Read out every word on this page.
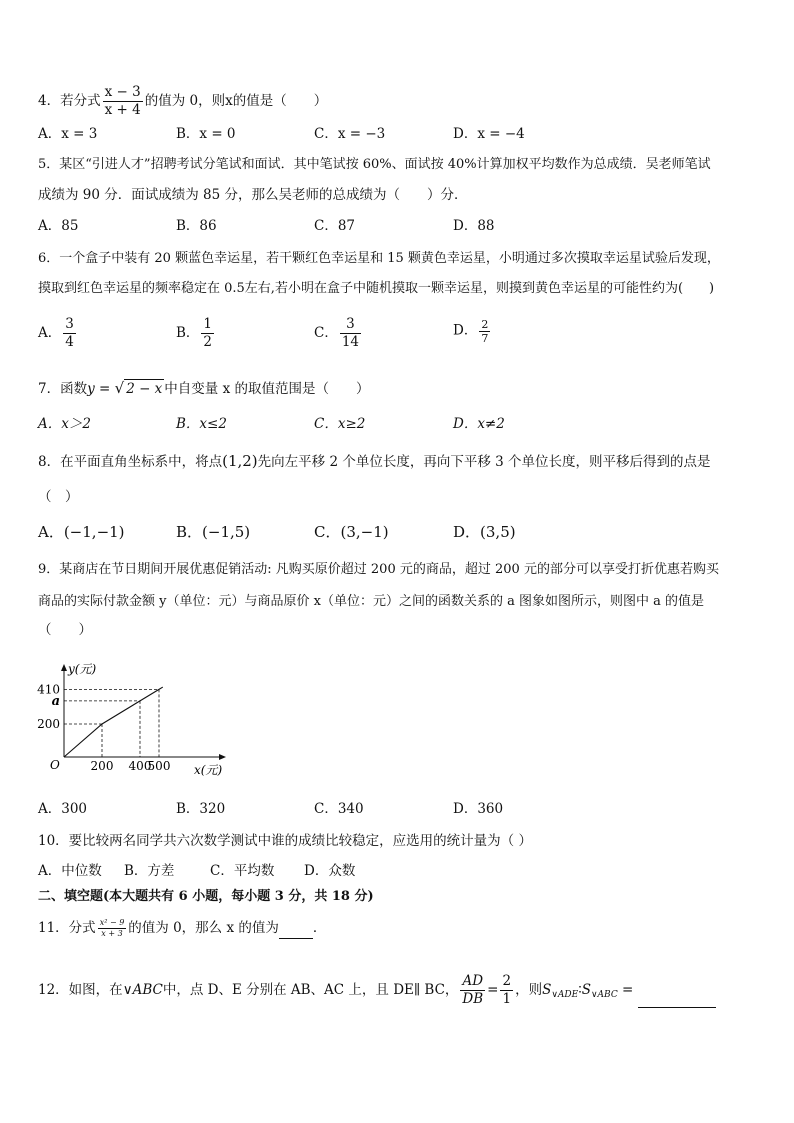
4．若分式 $\frac{x - 3}{x + 4}$ 的值为 0，则x的值是（　　）
A．x = 3	B．x = 0	C．x = −3	D．x = −4
5．某区“引进人才”招聘考试分笔试和面试．其中笔试按 60%、面试按 40%计算加权平均数作为总成绩．吴老师笔试
成绩为 90 分．面试成绩为 85 分，那么吴老师的总成绩为（　　）分．
A．85	B．86	C．87	D．88
6．一个盒子中装有 20 颗蓝色幸运星，若干颗红色幸运星和 15 颗黄色幸运星，小明通过多次摸取幸运星试验后发现，
摸取到红色幸运星的频率稳定在 0.5左右,若小明在盒子中随机摸取一颗幸运星，则摸到黄色幸运星的可能性约为(　　)
A． $\frac{3}{4}$	B． $\frac{1}{2}$	C． $\frac{3}{14}$	D． $\frac{2}{7}$
7．函数y = √ 2 − x 中自变量 x 的取值范围是（　　）
A．x＞2	B．x≤2	C．x≥2	D．x≠2
8．在平面直角坐标系中，将点(1,2)先向左平移 2 个单位长度，再向下平移 3 个单位长度，则平移后得到的点是
（　）
A．(−1,−1)	B．(−1,5)	C．(3,−1)	D．(3,5)
9．某商店在节日期间开展优惠促销活动: 凡购买原价超过 200 元的商品，超过 200 元的部分可以享受打折优惠若购买
商品的实际付款金额 y（单位：元）与商品原价 x（单位：元）之间的函数关系的 a 图象如图所示，则图中 a 的值是
（　　）
y(元)
x(元)
O
200
200
a
400
410
500
A．300	B．320	C．340	D．360
10．要比较两名同学共六次数学测试中谁的成绩比较稳定，应选用的统计量为（ ）
A．中位数 B．方差	C．平均数 D．众数
二、填空题(本大题共有 6 小题，每小题 3 分，共 18 分)
11．分式 $\frac{\text{x² − 9}}{x + 3}$ 的值为 0，那么 x 的值为	．
12．如图，在∨ABC中，点 D、E 分别在 AB、AC 上，且 DE∥ BC， $\frac{AD}{DB} = \frac{2}{1}$ ，则$S_{\vee ADE}∶S_{\vee ABC}$ =
